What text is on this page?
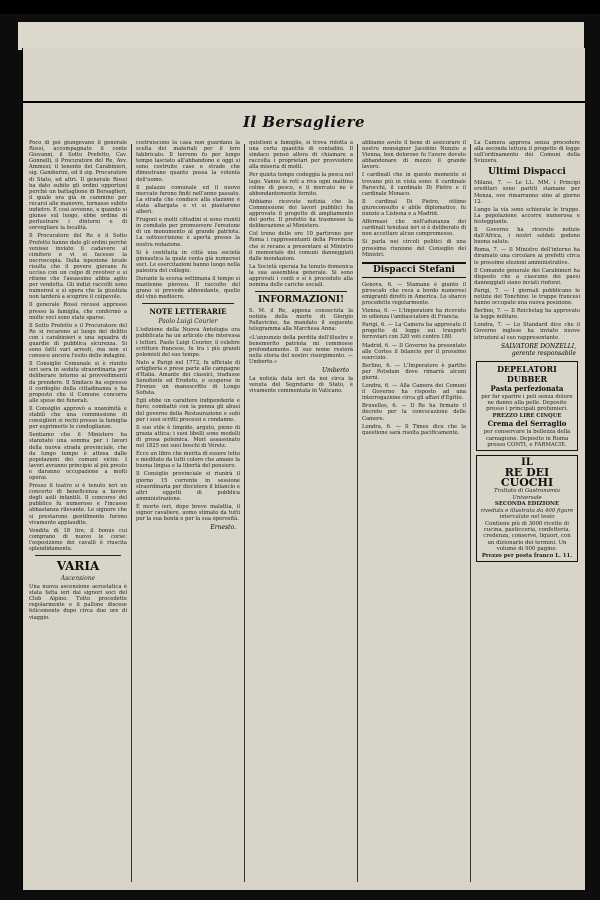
Il Bersagliere

Poco di poi giungevano il generale Rossi, accompagnato il conte Giovanni, il Sotto Prefetto, Cav. Gonnelli, il Procuratore del Re, Avv. Ammesi; il tenente dei Carabinieri, sig. Gamberini, ed il sig. Procuratore di Stato, ed altri. Il generale Rossi ha dato subito gli ordini opportuni perchè un battaglione di Bersaglieri, il quale era già in cammino per recarsi alle manovre, tornasse subito indietro. E così avvenne, e quando si giunse sul luogo, ebbe ordine di perlustrare i dintorni e di sorvegliare la località.

Il Procuratore del Re e il Sotto Prefetto hanno dato gli ordini perchè venisse inviato il cadavere al cimitero e vi si facesse la necroscopia. Dalla ispezione locale risulta che il povero giovane fu ucciso con un colpo di revolver e si ritiene che l'assassino abbia agito per vendetta. Gli indizi raccolti sono numerosi e si spera che la giustizia non tarderà a scoprire il colpevole.

Il generale Rossi recossi appresso presso la famiglia, che confermò a molte voci sono state sparse.

Il Sotto Prefetto e il Procuratore del Re si recarono al luogo del delitto con i carabinieri e una squadra di guardie di pubblica sicurezza. Si sono fatti vari arresti, ma non si conosce ancora l'esito delle indagini.

Il Consiglio Comunale si è riunito ieri sera in seduta straordinaria per deliberare intorno ai provvedimenti da prendere. Il Sindaco ha espresso il cordoglio della cittadinanza e ha proposto che il Comune concorra alle spese dei funerali.

Il Consiglio approvò a unanimità e stabilì che una commissione di consiglieri si rechi presso la famiglia per esprimerle le condoglianze.

Sentiamo che il Ministero ha stanziato una somma per i lavori della nuova strada provinciale, che da lungo tempo è attesa dalle popolazioni dei comuni vicini. I lavori avranno principio al più presto e daranno occupazione a molti operai.

Presso il teatro si è tenuto ieri un concerto di beneficenza a favore degli asili infantili. Il concorso del pubblico fu numeroso e l'incasso abbastanza rilevante. Le signore che si prestarono gentilmente furono vivamente applaudite.

Vendita di 18 lire, il bonus cui comprano di nuovo le corse: l'esposizione dei cavalli è riuscita splendidamente.

VARIA
Ascensione

Una nuova ascensione aerostatica è stata fatta ieri dai signori soci del Club Alpino. Tutto procedette regolarmente e il pallone discese felicemente dopo circa due ore di viaggio.

costruiscono la casa non guardano la scelta dei materiali per il loro fabbricato. Il terreno fu per lungo tempo lasciato all'abbandono e oggi si sono costruite case e strade che dimostrano quanto possa la volontà dell'uomo.

Il palazzo comunale ed il nuovo mercato furono finiti nell'anno passato. La strada che conduce alla stazione è stata allargata e vi si piantarono alberi.

Frugoni e molti cittadini si sono riuniti in comitato per promuovere l'erezione di un monumento al grande patriota. La sottoscrizione è aperta presso la nostra redazione.

Si è costituita in città una società ginnastica la quale conta già numerosi soci. Le esercitazioni hanno luogo nella palestra del collegio.

Durante la scorsa settimana il tempo si mantenne piovoso. Il raccolto del grano si prevede abbondante, quello del vino mediocre.

NOTE LETTERARIE
Paolo Luigi Courier

L'edizione della Nuova Antologia ora pubblicata ha un articolo che interessa i lettori. Paolo Luigi Courier, il celebre scrittore francese, fu tra i più grandi polemisti del suo tempo.

Nato a Parigi nel 1772, fu ufficiale di artiglieria e prese parte alle campagne d'Italia. Amante dei classici, tradusse Senofonte ed Erodoto, e scoperse in Firenze un manoscritto di Longo Sofista.

Egli ebbe un carattere indipendente e fiero; combatté con la penna gli abusi del governo della Restaurazione e subì per i suoi scritti processi e condanne.

Il suo stile è limpido, arguto, pieno di grazia attica; i suoi libelli sono modelli di prosa polemica. Morì assassinato nel 1825 nei suoi boschi di Véretz.

Ecco un libro che merita di essere letto e meditato da tutti coloro che amano la buona lingua e la libertà del pensiero.

Il Consiglio provinciale si riunirà il giorno 15 corrente in sessione straordinaria per discutere il bilancio e altri oggetti di pubblica amministrazione.

È morto ieri, dopo breve malattia, il signor cavaliere, uomo stimato da tutti per la sua bontà e per la sua operosità.

Ernesto.

quistioni a famiglie, si trova ridotta a una certa quantità di contadini. Il sindaco pensò allora di chiamare a raccolta i proprietari per provvedere alla miseria di molti.

Per quieta tempo codeggia la pesca nel lago. Vanno le reti a riva ogni mattina colme di pesce, e il mercato ne è abbondantemente fornito.

Abbiamo ricevuto notizia che la Commissione dei lavori pubblici ha approvato il progetto di ampliamento del porto. Il prefetto ha trasmesso la deliberazione al Ministero.

Col treno delle ore 10 partirono per Roma i rappresentanti della Provincia che si recano a presentare al Ministro il memoriale dei comuni danneggiati dalle inondazioni.

La Società operaia ha tenuto domenica la sua assemblea generale. Si sono approvati i conti e si è proceduto alla nomina delle cariche sociali.

INFORMAZIONI!

S. M. il Re, appena conosciuta la notizia della morte di Giorgio Pallavicino, ha mandato il seguente telegramma alla Marchesa Anna:

«L'annunzio della perdita dell'illustre e benemerito patriota mi commosse profondamente. Il suo nome resterà nella storia del nostro risorgimento. — Umberto.»

Umberto

La notizia data ieri da noi circa la venuta del Segretario di Stato, è vivamente commentata in Vaticano.

abbiamo avuto il bene di assicurare il nostro monsignor Jacobini Nunzio a Vienna, ben doloroso fu l'avere dovuto abbandonare di mezzo il grande lavoro.

I cardinali che in questo momento si trovano più in vista sono: il cardinale Parocchi, il cardinale Di Pietro e il cardinale Monaco.

Il cardinal Di Pietro, ottimo giureconsulto e abile diplomatico, fu nunzio a Lisbona e a Madrid.

Affermasi che nell'adunanza dei cardinali tenutasi ieri si è deliberato di non accettare alcun compromesso.

Si parla nei circoli politici di una prossima riunione del Consiglio dei Ministri.

Dispacci Stefani

Genova, 6. — Stamane è giunto il piroscafo che reca a bordo numerosi emigranti diretti in America. Lo sbarco procedette regolarmente.

Vienna, 6. — L'Imperatore ha ricevuto in udienza l'ambasciatore di Francia.

Parigi, 6. — La Camera ha approvato il progetto di legge sui trasporti ferroviari con 320 voti contro 180.

Madrid, 6. — Il Governo ha presentato alle Cortes il bilancio per il prossimo esercizio.

Berlino, 6. — L'Imperatore è partito per Potsdam dove rimarrà alcuni giorni.

Londra, 6. — Alla Camera dei Comuni il Governo ha risposto ad una interrogazione circa gli affari d'Egitto.

Bruxelles, 6. — Il Re ha firmato il decreto per la convocazione delle Camere.

Londra, 6. — Il Times dice che la questione sarà risolta pacificamente.

La Camera approva senza procedere alla seconda lettura il progetto di legge sull'ordinamento dei Comuni della Svizzera.

Ultimi Dispacci

Milano, 7. — Le LL. MM. i Principi ereditari sono partiti stamane per Monza, ove rimarranno sino al giorno 12.

Lungo la via sono schierate le truppe. La popolazione accorre numerosa e festeggiante.

Il Governo ha ricevuto notizie dall'Africa, i nostri soldati godono buona salute.

Roma, 7. — Il Ministro dell'interno ha diramato una circolare ai prefetti circa le prossime elezioni amministrative.

Il Comando generale dei Carabinieri ha disposto che a ciascuno dei paesi danneggiati siano inviati rinforzi.

Parigi, 7. — I giornali pubblicano le notizie del Tonchino: le truppe francesi hanno occupato una nuova posizione.

Berlino, 7. — Il Reichstag ha approvato la legge militare.

Londra, 7. — Lo Standard dice che il Governo inglese ha inviato nuove istruzioni al suo rappresentante.

SALVATORE DONZELLI, gerente responsabile
DEPELATORI DUBBER
Pasta perfezionata
per far sparire i peli senza dolore ne danno alla pelle. Deposito presso i principali profumieri.
PREZZO LIRE CINQUE
Crema del Serraglio
per conservare la bellezza della carnagione. Deposito in Roma presso CONTI, e FARMACIE.
IL
RE DEI CUOCHI
Trattato di Gastronomia Universale
SECONDA EDIZIONE
riveduta e illustrata da 400 figure intercalate nel testo
Contiene più di 3000 ricette di cucina, pasticceria, confetteria, credenza, conserve, liquori, con un dizionario dei termini. Un volume di 900 pagine.
Prezzo per posta franco L. 11.
